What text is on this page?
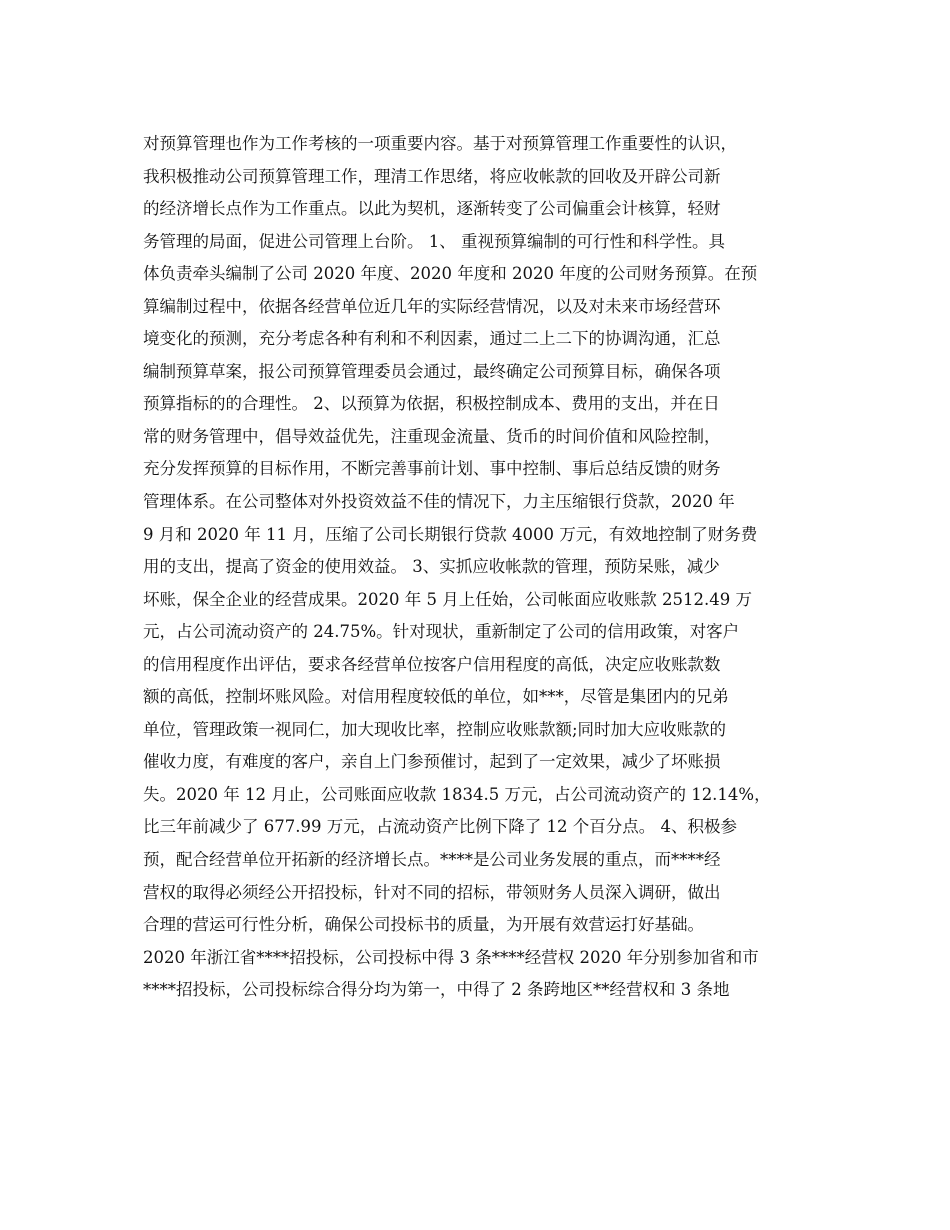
对预算管理也作为工作考核的一项重要内容。基于对预算管理工作重要性的认识，
我积极推动公司预算管理工作，理清工作思绪，将应收帐款的回收及开辟公司新
的经济增长点作为工作重点。以此为契机，逐渐转变了公司偏重会计核算，轻财
务管理的局面，促进公司管理上台阶。 1、 重视预算编制的可行性和科学性。具
体负责牵头编制了公司 2020 年度、2020 年度和 2020 年度的公司财务预算。在预
算编制过程中，依据各经营单位近几年的实际经营情况，以及对未来市场经营环
境变化的预测，充分考虑各种有利和不利因素，通过二上二下的协调沟通，汇总
编制预算草案，报公司预算管理委员会通过，最终确定公司预算目标，确保各项
预算指标的的合理性。 2、以预算为依据，积极控制成本、费用的支出，并在日
常的财务管理中，倡导效益优先，注重现金流量、货币的时间价值和风险控制，
充分发挥预算的目标作用，不断完善事前计划、事中控制、事后总结反馈的财务
管理体系。在公司整体对外投资效益不佳的情况下，力主压缩银行贷款，2020 年
9 月和 2020 年 11 月，压缩了公司长期银行贷款 4000 万元，有效地控制了财务费
用的支出，提高了资金的使用效益。 3、实抓应收帐款的管理，预防呆账，减少
坏账，保全企业的经营成果。2020 年 5 月上任始，公司帐面应收账款 2512.49 万
元，占公司流动资产的 24.75%。针对现状，重新制定了公司的信用政策，对客户
的信用程度作出评估，要求各经营单位按客户信用程度的高低，决定应收账款数
额的高低，控制坏账风险。对信用程度较低的单位，如***，尽管是集团内的兄弟
单位，管理政策一视同仁，加大现收比率，控制应收账款额;同时加大应收账款的
催收力度，有难度的客户，亲自上门参预催讨，起到了一定效果，减少了坏账损
失。2020 年 12 月止，公司账面应收款 1834.5 万元，占公司流动资产的 12.14%，
比三年前减少了 677.99 万元，占流动资产比例下降了 12 个百分点。 4、积极参
预，配合经营单位开拓新的经济增长点。****是公司业务发展的重点，而****经
营权的取得必须经公开招投标，针对不同的招标，带领财务人员深入调研，做出
合理的营运可行性分析，确保公司投标书的质量，为开展有效营运打好基础。
2020 年浙江省****招投标，公司投标中得 3 条****经营权 2020 年分别参加省和市
****招投标，公司投标综合得分均为第一，中得了 2 条跨地区**经营权和 3 条地
